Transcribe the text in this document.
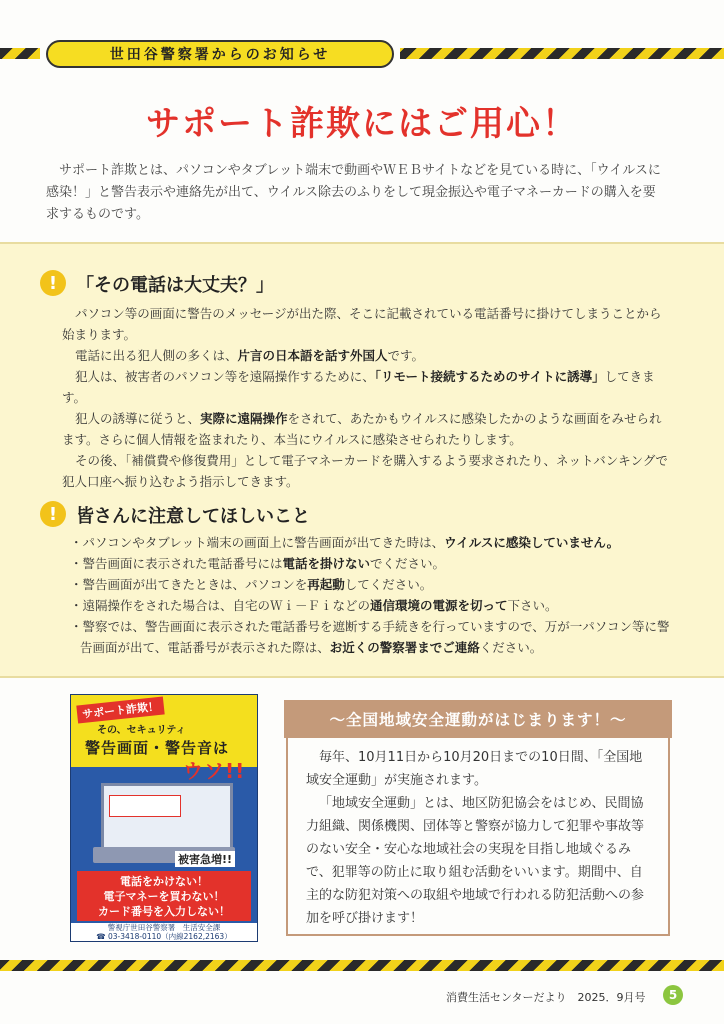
世田谷警察署からのお知らせ
サポート詐欺にはご用心！
サポート詐欺とは、パソコンやタブレット端末で動画やＷＥＢサイトなどを見ている時に、「ウイルスに感染！」と警告表示や連絡先が出て、ウイルス除去のふりをして現金振込や電子マネーカードの購入を要求するものです。
!	「その電話は大丈夫？」

パソコン等の画面に警告のメッセージが出た際、そこに記載されている電話番号に掛けてしまうことから始まります。

電話に出る犯人側の多くは、片言の日本語を話す外国人です。

犯人は、被害者のパソコン等を遠隔操作するために、「リモート接続するためのサイトに誘導」してきます。

犯人の誘導に従うと、実際に遠隔操作をされて、あたかもウイルスに感染したかのような画面をみせられます。さらに個人情報を盗まれたり、本当にウイルスに感染させられたりします。

その後、「補償費や修復費用」として電子マネーカードを購入するよう要求されたり、ネットバンキングで犯人口座へ振り込むよう指示してきます。

!	皆さんに注意してほしいこと
・パソコンやタブレット端末の画面上に警告画面が出てきた時は、ウイルスに感染していません。
・警告画面に表示された電話番号には電話を掛けないでください。
・警告画面が出てきたときは、パソコンを再起動してください。
・遠隔操作をされた場合は、自宅のＷｉ－Ｆｉなどの通信環境の電源を切って下さい。
・警察では、警告画面に表示された電話番号を遮断する手続きを行っていますので、万が一パソコン等に警告画面が出て、電話番号が表示された際は、お近くの警察署までご連絡ください。
サポート詐欺！
その、セキュリティ
警告画面・警告音は
ウソ!!
被害急増!!
電話をかけない！
電子マネーを買わない！
カード番号を入力しない！
警視庁世田谷警察署　生活安全課
☎ 03-3418-0110（内線2162,2163）
～全国地域安全運動がはじまります！～

毎年、10月11日から10月20日までの10日間、「全国地域安全運動」が実施されます。

「地域安全運動」とは、地区防犯協会をはじめ、民間協力組織、関係機関、団体等と警察が協力して犯罪や事故等のない安全・安心な地域社会の実現を目指し地域ぐるみで、犯罪等の防止に取り組む活動をいいます。期間中、自主的な防犯対策への取組や地域で行われる防犯活動への参加を呼び掛けます！

消費生活センターだより　2025．9月号	5
